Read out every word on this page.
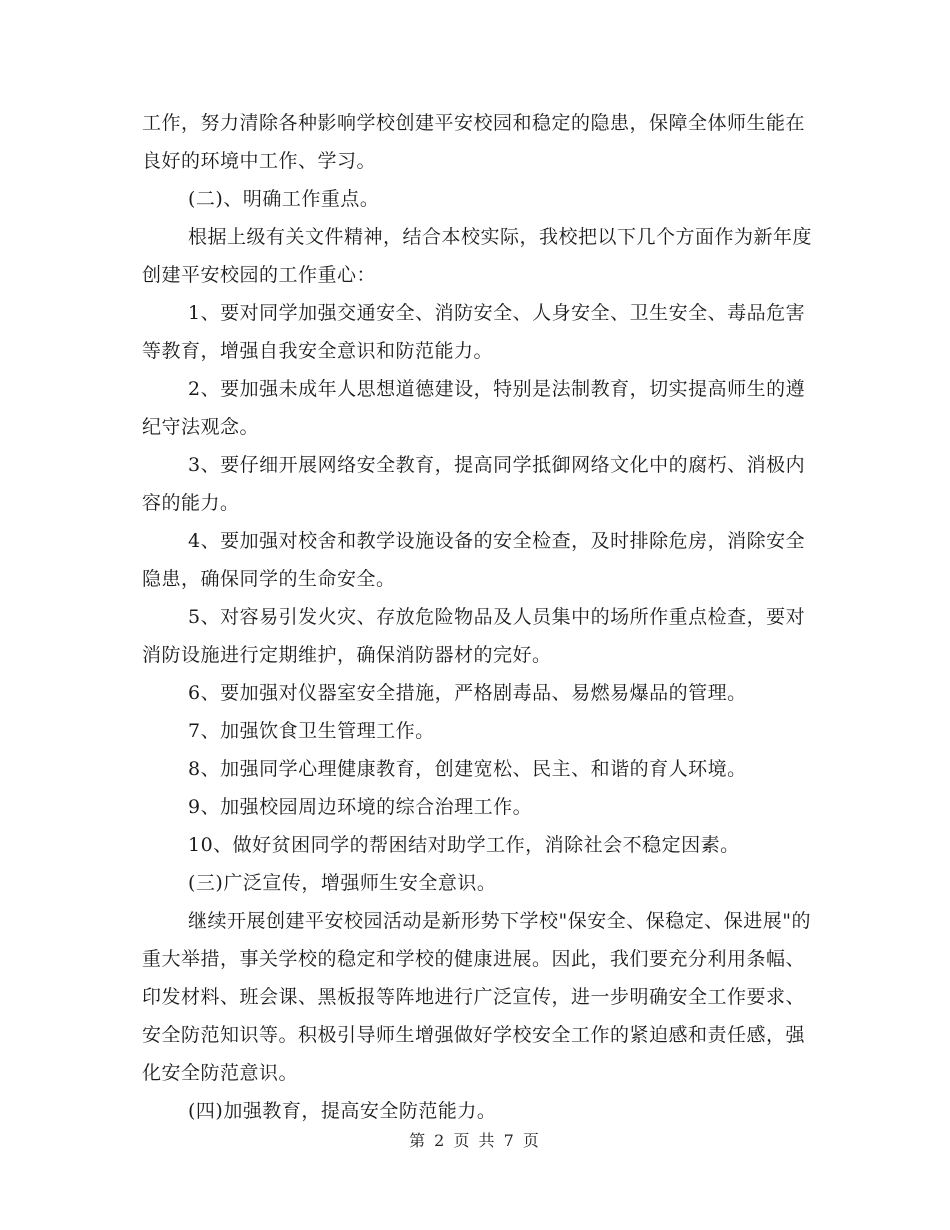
工作，努力清除各种影响学校创建平安校园和稳定的隐患，保障全体师生能在良好的环境中工作、学习。

(二)、明确工作重点。

根据上级有关文件精神，结合本校实际，我校把以下几个方面作为新年度创建平安校园的工作重心：

1、要对同学加强交通安全、消防安全、人身安全、卫生安全、毒品危害等教育，增强自我安全意识和防范能力。

2、要加强未成年人思想道德建设，特别是法制教育，切实提高师生的遵纪守法观念。

3、要仔细开展网络安全教育，提高同学抵御网络文化中的腐朽、消极内容的能力。

4、要加强对校舍和教学设施设备的安全检查，及时排除危房，消除安全隐患，确保同学的生命安全。

5、对容易引发火灾、存放危险物品及人员集中的场所作重点检查，要对消防设施进行定期维护，确保消防器材的完好。

6、要加强对仪器室安全措施，严格剧毒品、易燃易爆品的管理。

7、加强饮食卫生管理工作。

8、加强同学心理健康教育，创建宽松、民主、和谐的育人环境。

9、加强校园周边环境的综合治理工作。

10、做好贫困同学的帮困结对助学工作，消除社会不稳定因素。

(三)广泛宣传，增强师生安全意识。

继续开展创建平安校园活动是新形势下学校"保安全、保稳定、保进展"的重大举措，事关学校的稳定和学校的健康进展。因此，我们要充分利用条幅、印发材料、班会课、黑板报等阵地进行广泛宣传，进一步明确安全工作要求、安全防范知识等。积极引导师生增强做好学校安全工作的紧迫感和责任感，强化安全防范意识。

(四)加强教育，提高安全防范能力。

第 2 页 共 7 页
